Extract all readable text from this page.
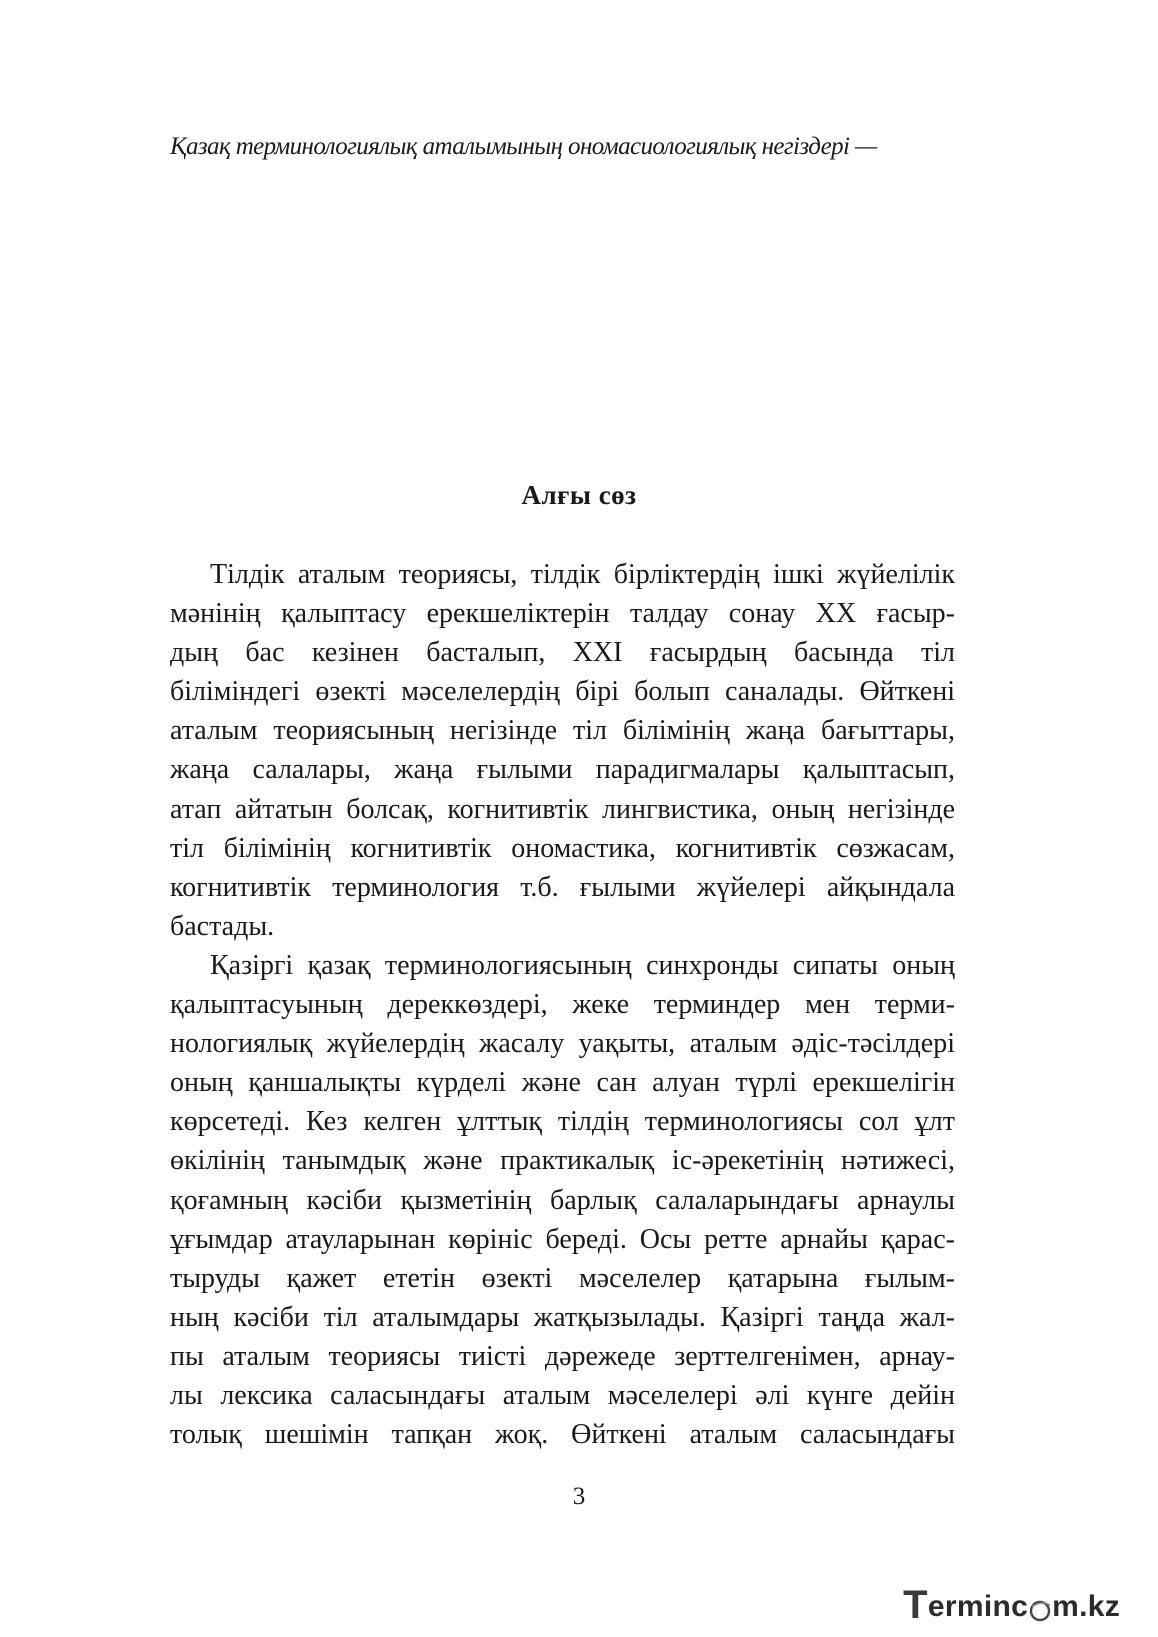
Қазақ терминологиялық аталымының ономасиологиялық негіздері —
Алғы сөз
Тілдік аталым теориясы, тілдік бірліктердің ішкі жүйелілік
мәнінің қалыптасу ерекшеліктерін талдау сонау XX ғасыр-
дың бас кезінен басталып, XXI ғасырдың басында тіл
біліміндегі өзекті мәселелердің бірі болып саналады. Өйткені
аталым теориясының негізінде тіл білімінің жаңа бағыттары,
жаңа салалары, жаңа ғылыми парадигмалары қалыптасып,
атап айтатын болсақ, когнитивтік лингвистика, оның негізінде
тіл білімінің когнитивтік ономастика, когнитивтік сөзжасам,
когнитивтік терминология т.б. ғылыми жүйелері айқындала
бастады.
Қазіргі қазақ терминологиясының синхронды сипаты оның
қалыптасуының дереккөздері, жеке терминдер мен терми-
нологиялық жүйелердің жасалу уақыты, аталым әдіс-тәсілдері
оның қаншалықты күрделі және сан алуан түрлі ерекшелігін
көрсетеді. Кез келген ұлттық тілдің терминологиясы сол ұлт
өкілінің танымдық және практикалық іс-әрекетінің нәтижесі,
қоғамның кәсіби қызметінің барлық салаларындағы арнаулы
ұғымдар атауларынан көрініс береді. Осы ретте арнайы қарас-
тыруды қажет ететін өзекті мәселелер қатарына ғылым-
ның кәсіби тіл аталымдары жатқызылады. Қазіргі таңда жал-
пы аталым теориясы тиісті дәрежеде зерттелгенімен, арнау-
лы лексика саласындағы аталым мәселелері әлі күнге дейін
толық шешімін тапқан жоқ. Өйткені аталым саласындағы
3
T erminc m.kz
